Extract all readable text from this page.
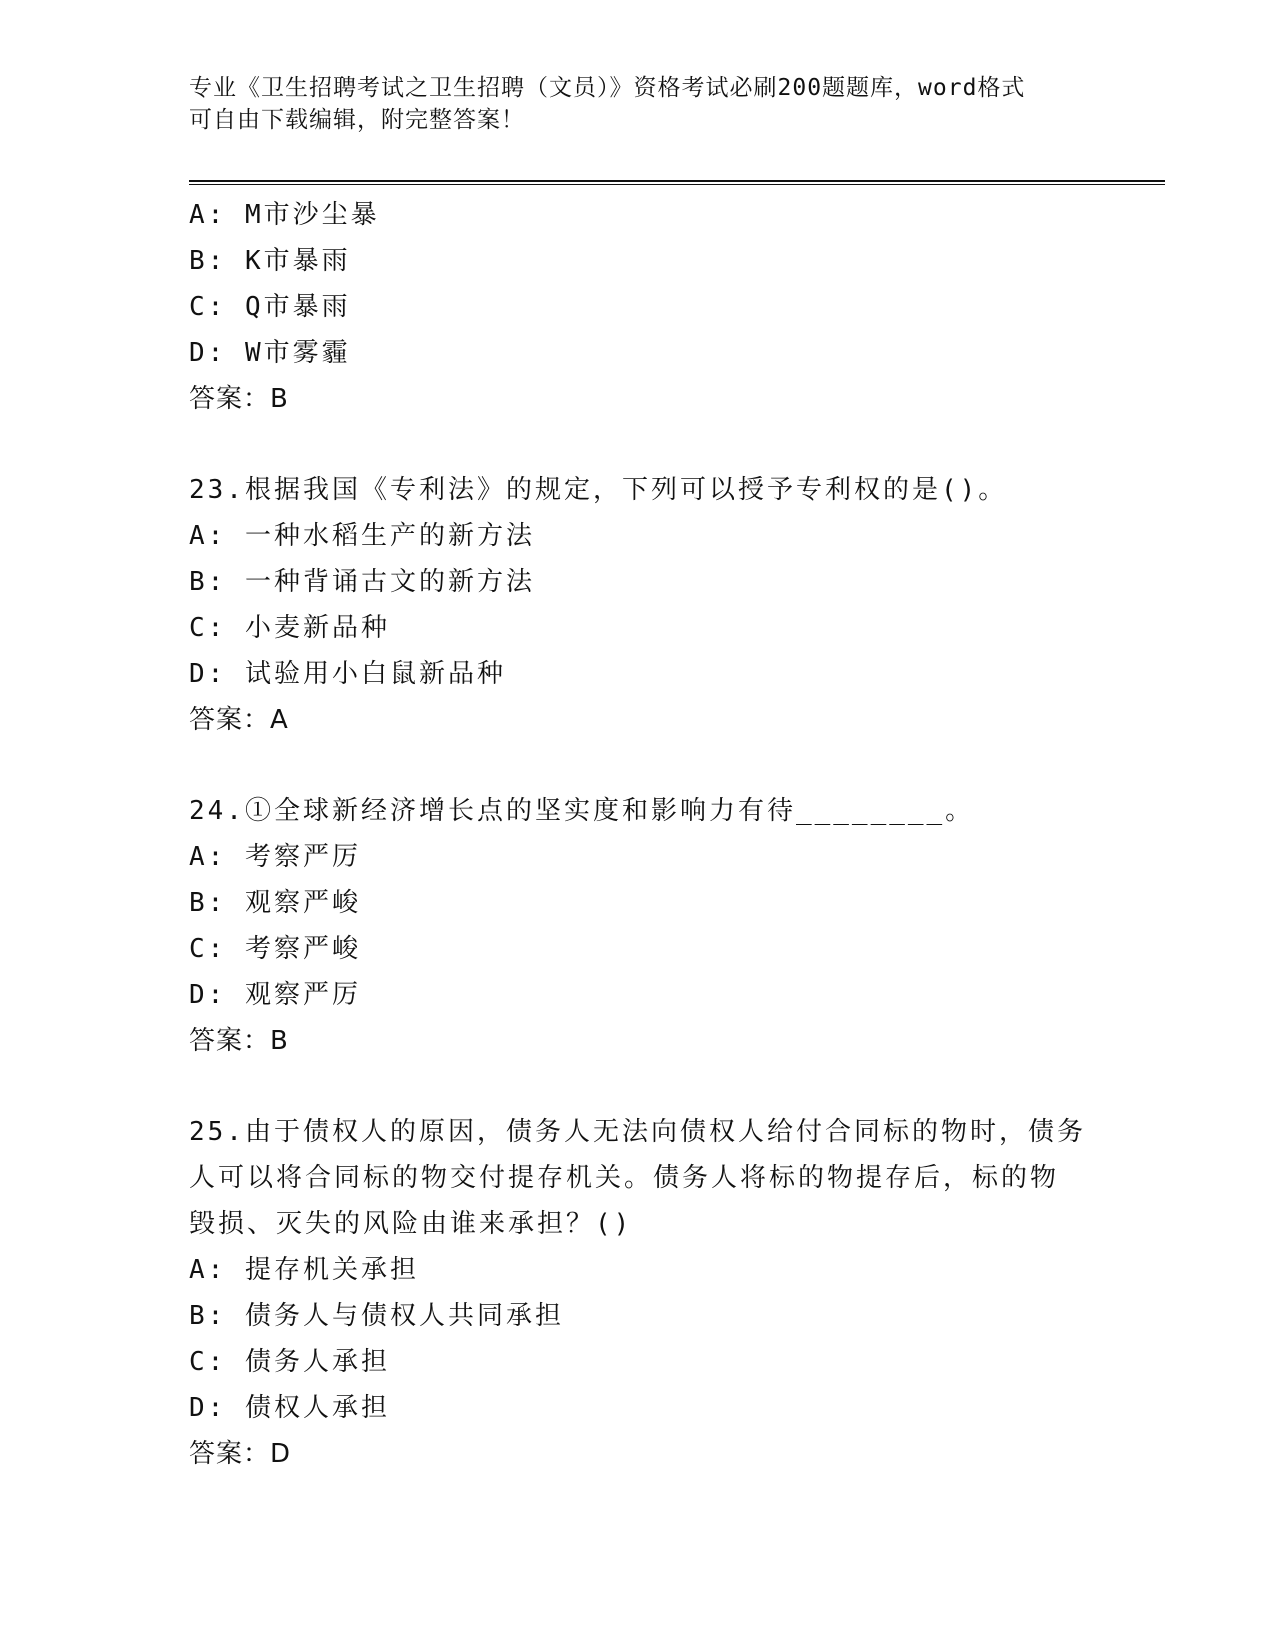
专业《卫生招聘考试之卫生招聘（文员）》资格考试必刷200题题库，word格式
可自由下载编辑，附完整答案！
A: M市沙尘暴
B: K市暴雨
C: Q市暴雨
D: W市雾霾
答案：B
23.根据我国《专利法》的规定，下列可以授予专利权的是()。
A: 一种水稻生产的新方法
B: 一种背诵古文的新方法
C: 小麦新品种
D: 试验用小白鼠新品种
答案：A
24.①全球新经济增长点的坚实度和影响力有待________。
A: 考察严厉
B: 观察严峻
C: 考察严峻
D: 观察严厉
答案：B
25.由于债权人的原因，债务人无法向债权人给付合同标的物时，债务
人可以将合同标的物交付提存机关。债务人将标的物提存后，标的物
毁损、灭失的风险由谁来承担？()
A: 提存机关承担
B: 债务人与债权人共同承担
C: 债务人承担
D: 债权人承担
答案：D
